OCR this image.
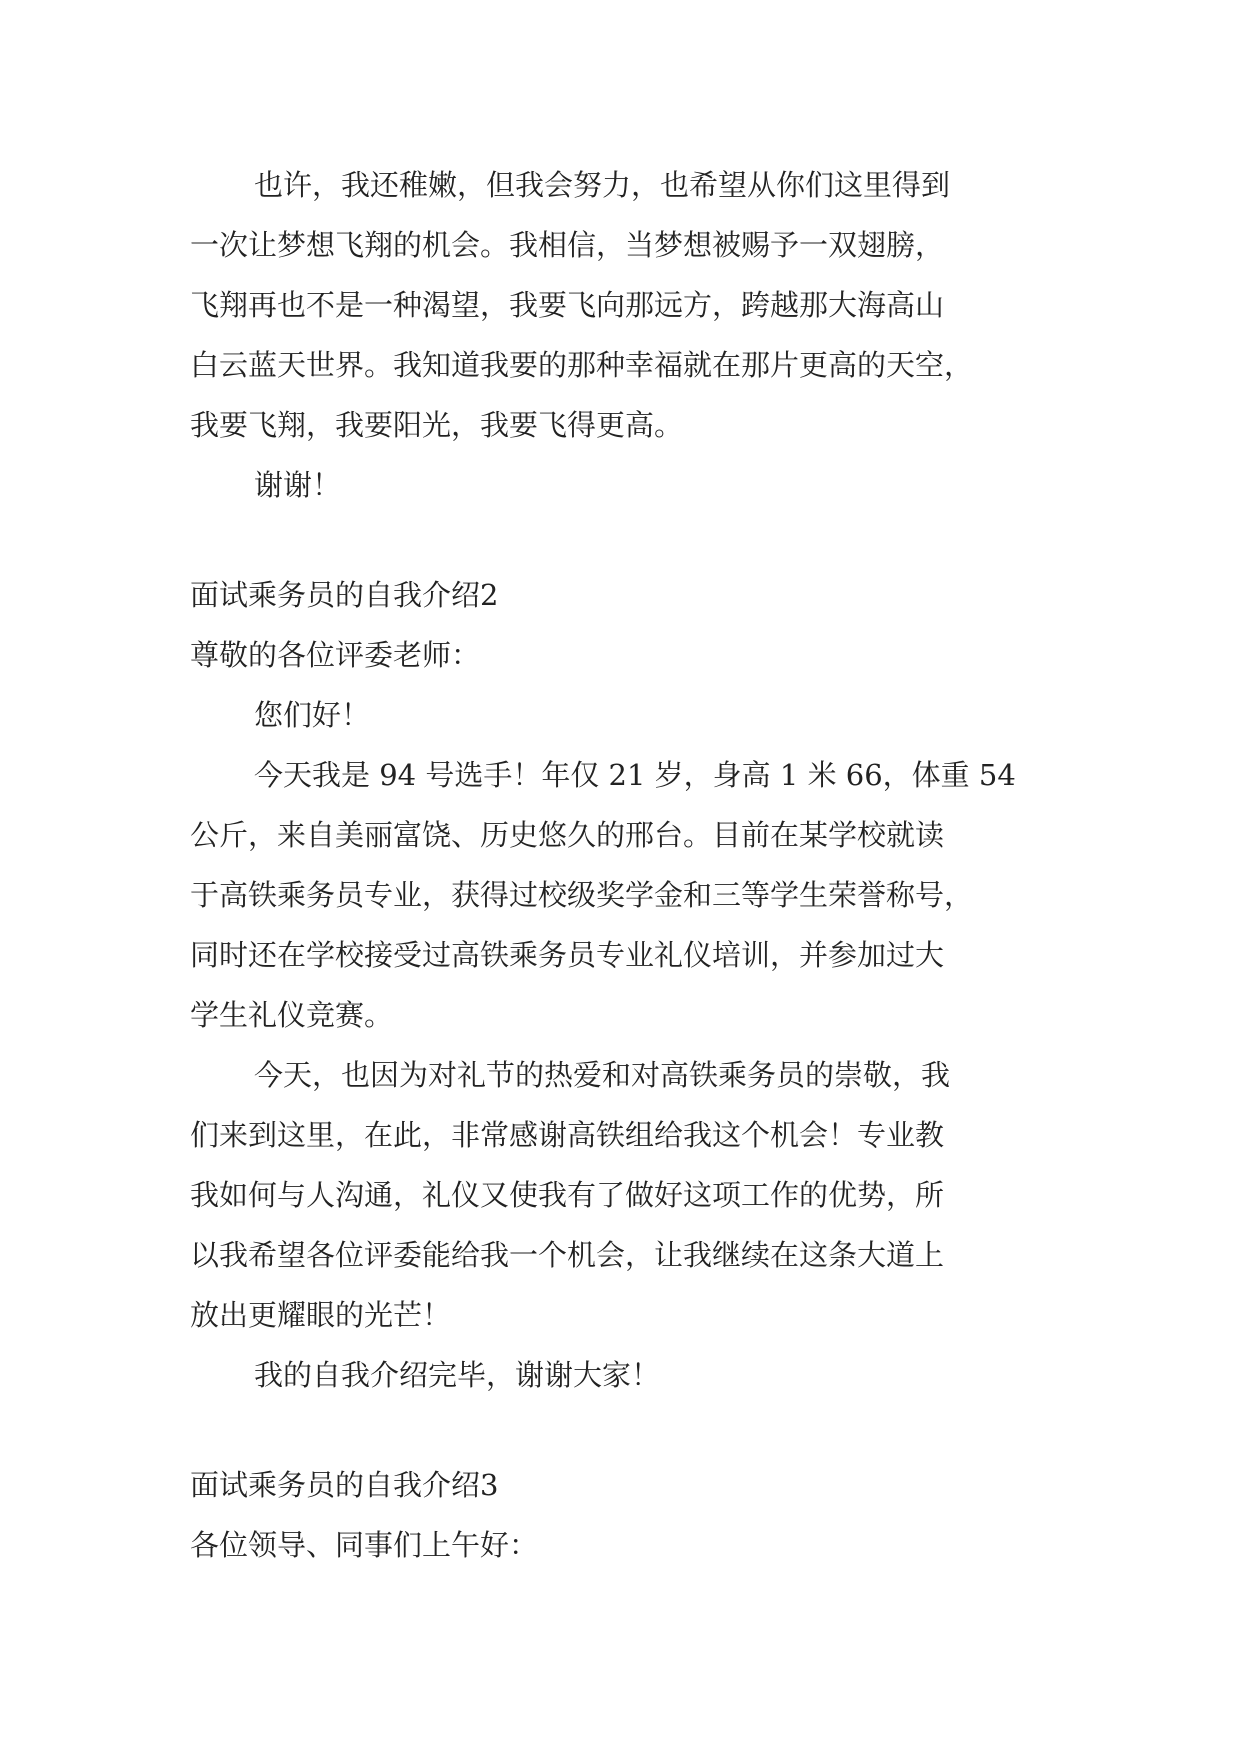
也许，我还稚嫩，但我会努力，也希望从你们这里得到
一次让梦想飞翔的机会。我相信，当梦想被赐予一双翅膀，
飞翔再也不是一种渴望，我要飞向那远方，跨越那大海高山
白云蓝天世界。我知道我要的那种幸福就在那片更高的天空，
我要飞翔，我要阳光，我要飞得更高。
谢谢！
面试乘务员的自我介绍2
尊敬的各位评委老师：
您们好！
今天我是 94 号选手！年仅 21 岁，身高 1 米 66，体重 54
公斤，来自美丽富饶、历史悠久的邢台。目前在某学校就读
于高铁乘务员专业，获得过校级奖学金和三等学生荣誉称号，
同时还在学校接受过高铁乘务员专业礼仪培训，并参加过大
学生礼仪竞赛。
今天，也因为对礼节的热爱和对高铁乘务员的崇敬，我
们来到这里，在此，非常感谢高铁组给我这个机会！专业教
我如何与人沟通，礼仪又使我有了做好这项工作的优势，所
以我希望各位评委能给我一个机会，让我继续在这条大道上
放出更耀眼的光芒！
我的自我介绍完毕，谢谢大家！
面试乘务员的自我介绍3
各位领导、同事们上午好：
